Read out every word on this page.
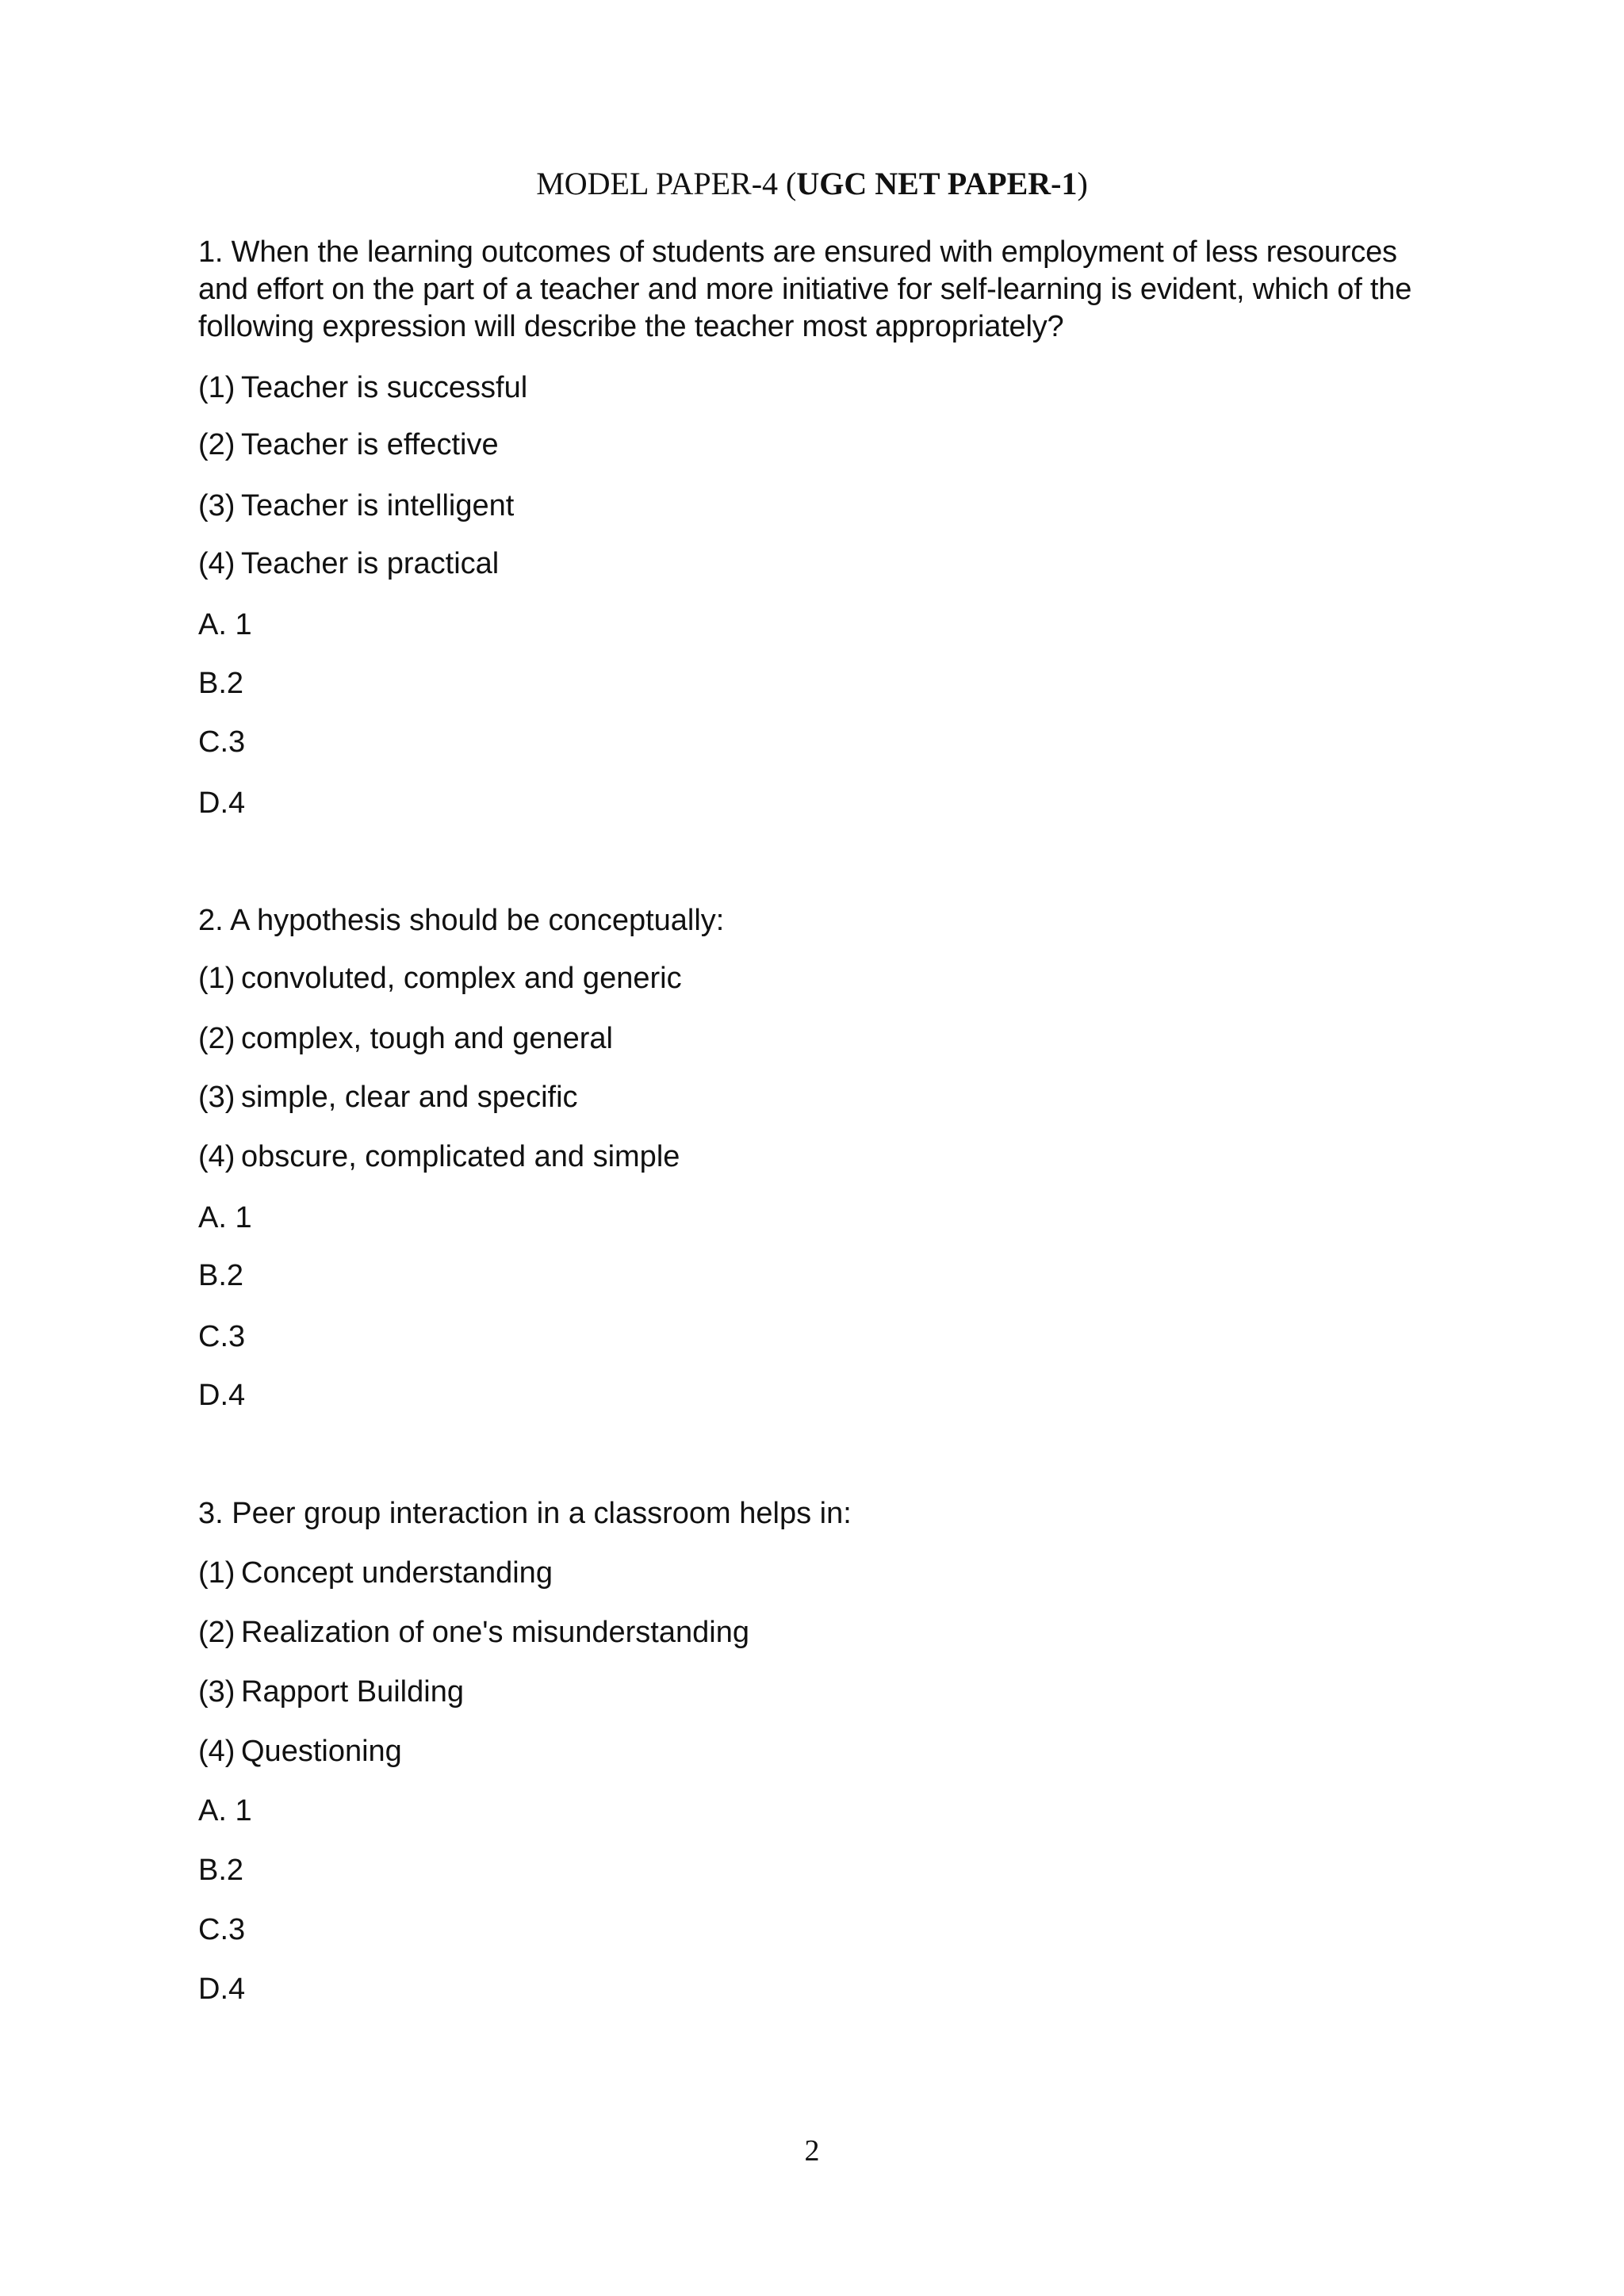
MODEL PAPER-4 (UGC NET PAPER-1)
1. When the learning outcomes of students are ensured with employment of less resources and effort on the part of a teacher and more initiative for self-learning is evident, which of the following expression will describe the teacher most appropriately?
(1) Teacher is successful
(2) Teacher is effective
(3) Teacher is intelligent
(4) Teacher is practical
A. 1
B.2
C.3
D.4
2. A hypothesis should be conceptually:
(1) convoluted, complex and generic
(2) complex, tough and general
(3) simple, clear and specific
(4) obscure, complicated and simple
A. 1
B.2
C.3
D.4
3. Peer group interaction in a classroom helps in:
(1) Concept understanding
(2) Realization of one's misunderstanding
(3) Rapport Building
(4) Questioning
A. 1
B.2
C.3
D.4
2
